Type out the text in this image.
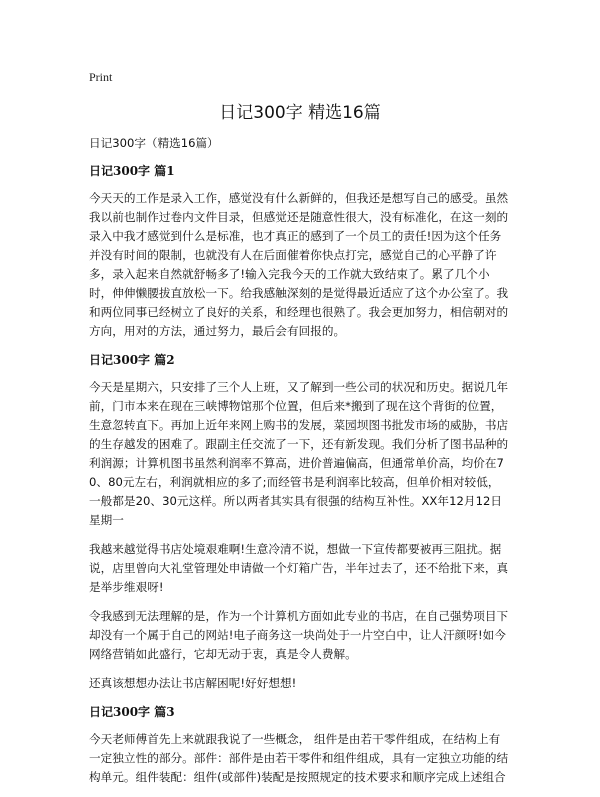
Print
日记300字 精选16篇

日记300字（精选16篇）

日记300字 篇1

今天天的工作是录入工作，感觉没有什么新鲜的，但我还是想写自己的感受。虽然我以前也制作过卷内文件目录，但感觉还是随意性很大，没有标准化，在这一刻的录入中我才感觉到什么是标准，也才真正的感到了一个员工的责任!因为这个任务并没有时间的限制，也就没有人在后面催着你快点打完，感觉自己的心平静了许多，录入起来自然就舒畅多了!输入完我今天的工作就大致结束了。累了几个小时，伸伸懒腰拔直放松一下。给我感触深刻的是觉得最近适应了这个办公室了。我和两位同事已经树立了良好的关系，和经理也很熟了。我会更加努力，相信朝对的方向，用对的方法，通过努力，最后会有回报的。

日记300字 篇2

今天是星期六，只安排了三个人上班，又了解到一些公司的状况和历史。据说几年前，门市本来在现在三峡博物馆那个位置，但后来*搬到了现在这个背街的位置，生意忽转直下。再加上近年来网上购书的发展，菜园坝图书批发市场的威胁，书店的生存越发的困难了。跟副主任交流了一下，还有新发现。我们分析了图书品种的利润源；计算机图书虽然利润率不算高，进价普遍偏高，但通常单价高，均价在70、80元左右，利润就相应的多了;而经管书是利润率比较高，但单价相对较低，一般都是20、30元这样。所以两者其实具有很强的结构互补性。XX年12月12日星期一

我越来越觉得书店处境艰难啊!生意冷清不说，想做一下宣传都要被再三阻扰。据说，店里曾向大礼堂管理处申请做一个灯箱广告，半年过去了，还不给批下来，真是举步维艰呀!

令我感到无法理解的是，作为一个计算机方面如此专业的书店，在自己强势项目下却没有一个属于自己的网站!电子商务这一块尚处于一片空白中，让人汗颜呀!如今网络营销如此盛行，它却无动于衷，真是令人费解。

还真该想想办法让书店解困呢!好好想想!

日记300字 篇3

今天老师傅首先上来就跟我说了一些概念， 组件是由若干零件组成，在结构上有一定独立性的部分。部件：部件是由若干零件和组件组成，具有一定独立功能的结构单元。组件装配：组件(或部件)装配是按照规定的技术要求和顺序完成上述组合
